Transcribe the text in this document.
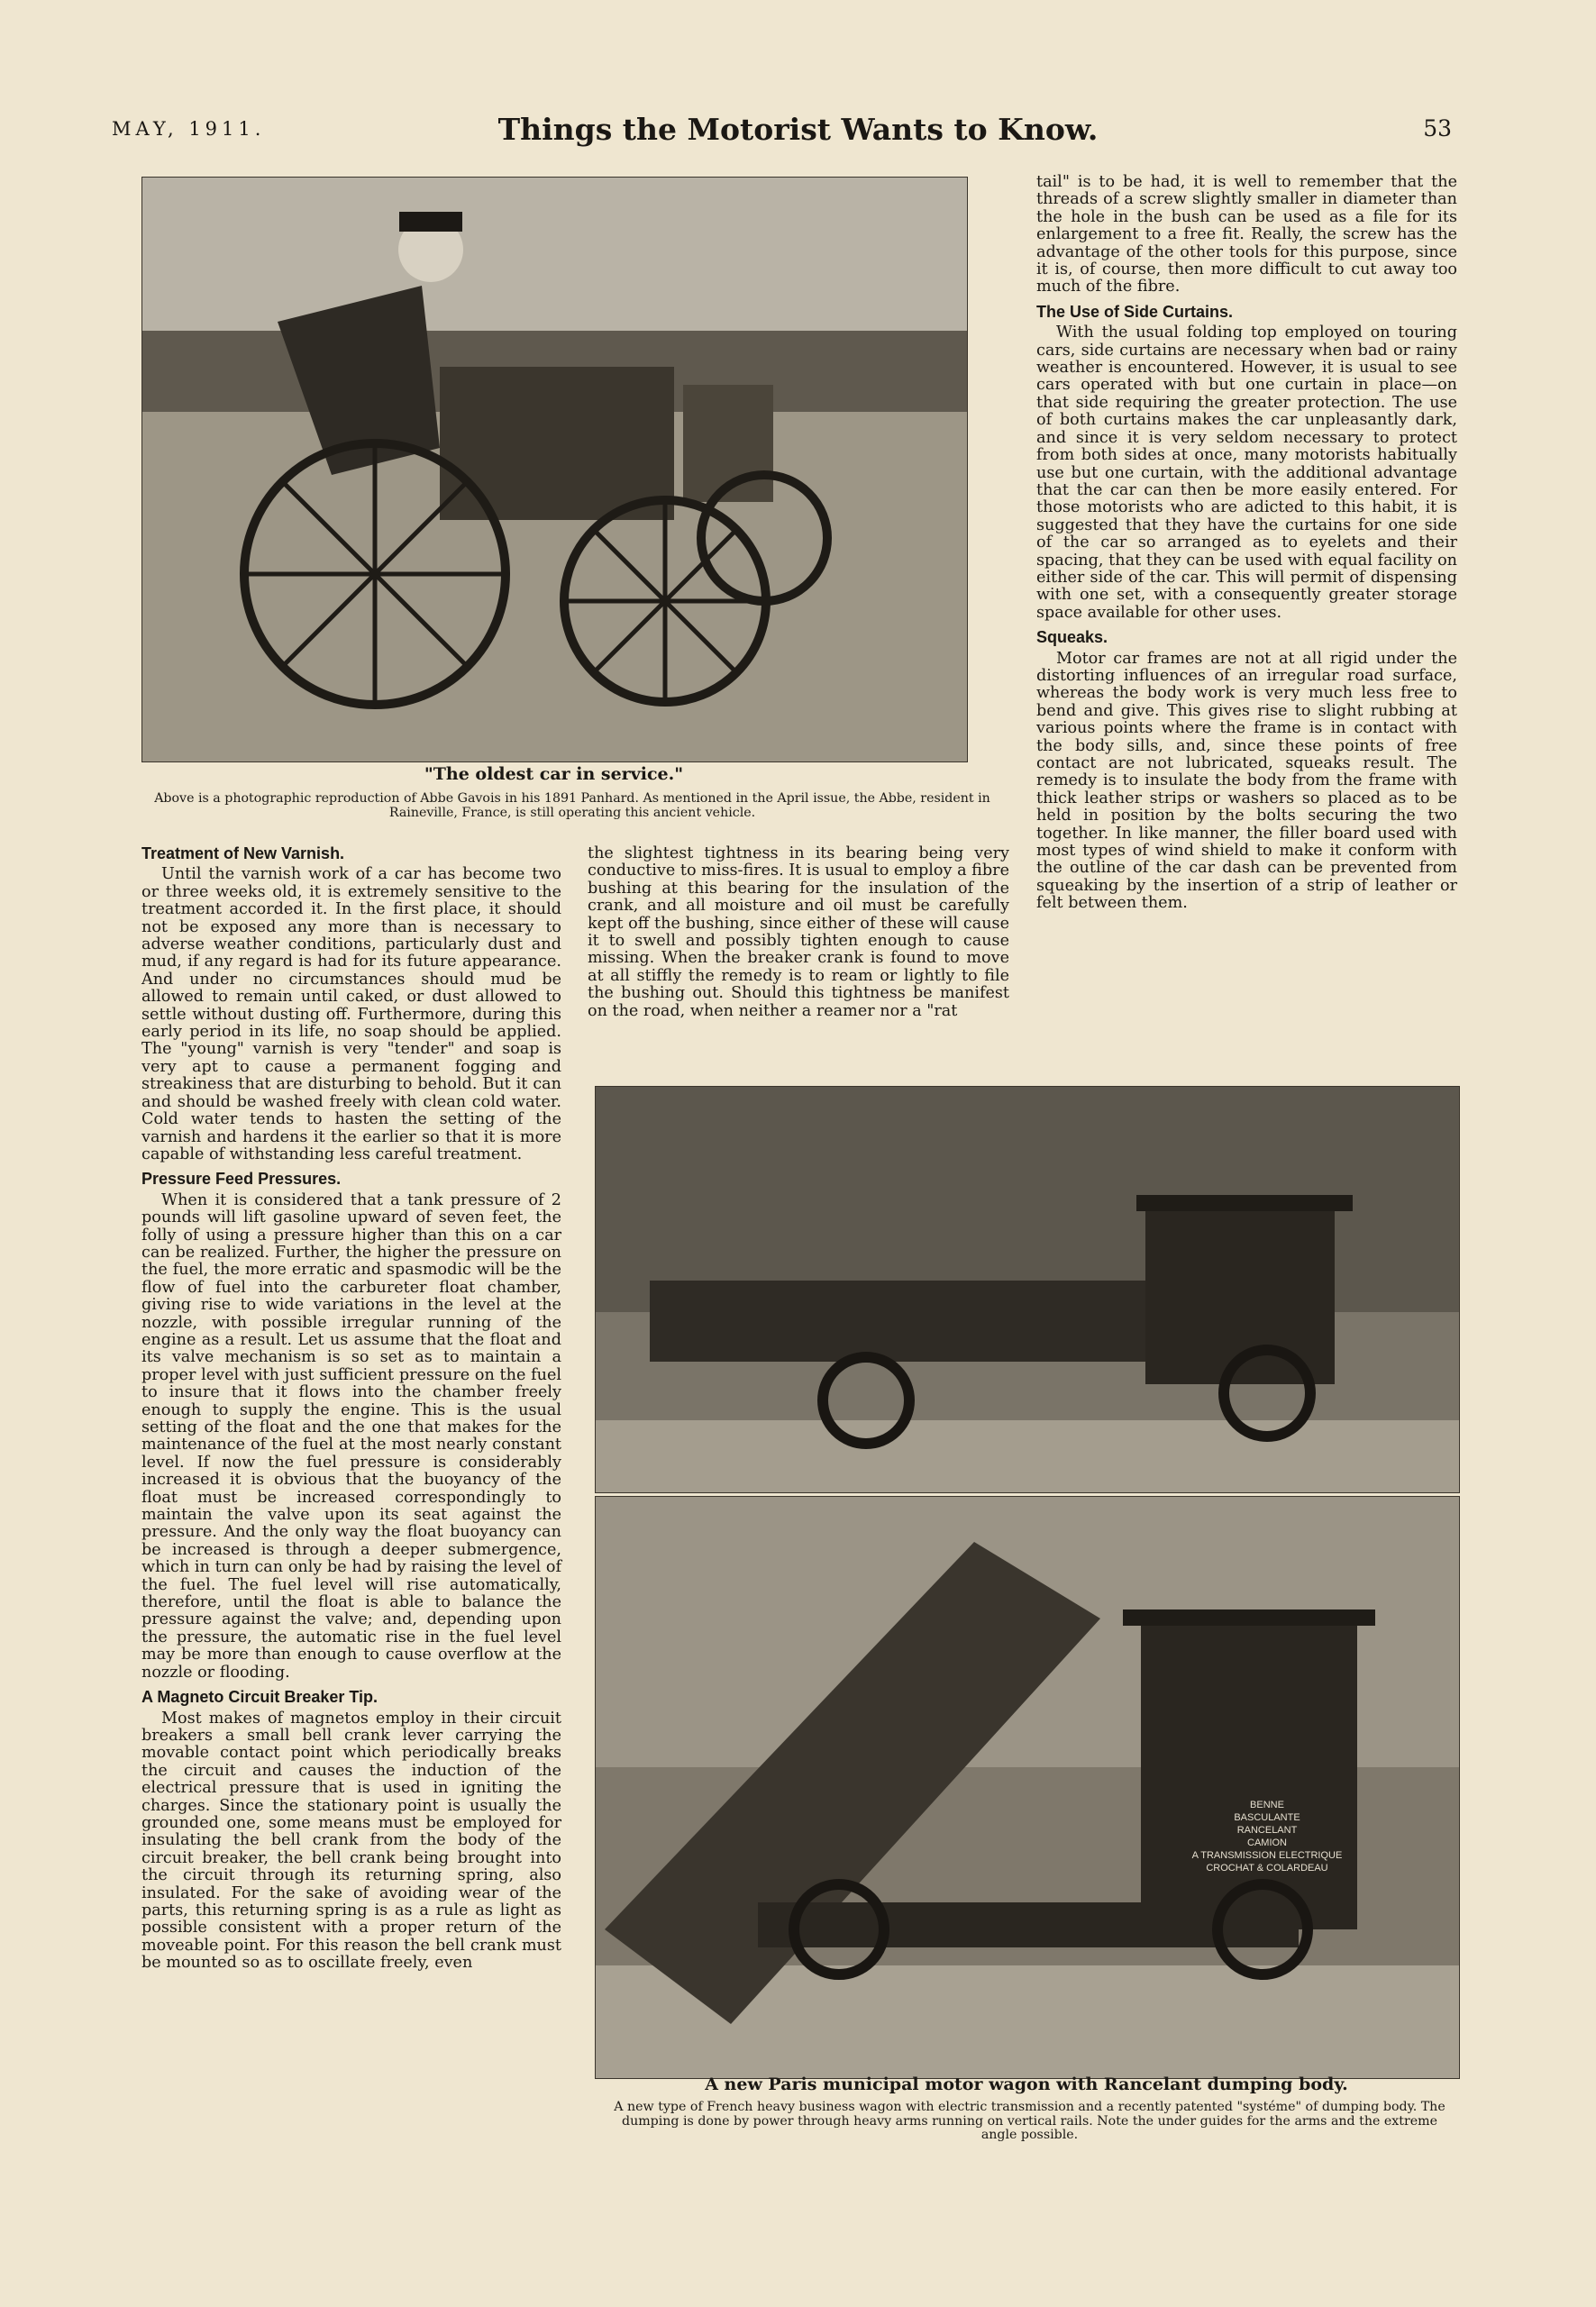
MAY, 1911.	Things the Motorist Wants to Know.	53
"The oldest car in service."
Above is a photographic reproduction of Abbe Gavois in his 1891 Panhard. As mentioned in the April issue, the Abbe, resident in Raineville, France, is still operating this ancient vehicle.
Treatment of New Varnish.

Until the varnish work of a car has become two or three weeks old, it is extremely sensitive to the treatment accorded it. In the first place, it should not be exposed any more than is necessary to adverse weather conditions, particularly dust and mud, if any regard is had for its future appearance. And under no circumstances should mud be allowed to remain until caked, or dust allowed to settle without dusting off. Furthermore, during this early period in its life, no soap should be applied. The "young" varnish is very "tender" and soap is very apt to cause a permanent fogging and streakiness that are disturbing to behold. But it can and should be washed freely with clean cold water. Cold water tends to hasten the setting of the varnish and hardens it the earlier so that it is more capable of withstanding less careful treatment.

Pressure Feed Pressures.

When it is considered that a tank pressure of 2 pounds will lift gasoline upward of seven feet, the folly of using a pressure higher than this on a car can be realized. Further, the higher the pressure on the fuel, the more erratic and spasmodic will be the flow of fuel into the carbureter float chamber, giving rise to wide variations in the level at the nozzle, with possible irregular running of the engine as a result. Let us assume that the float and its valve mechanism is so set as to maintain a proper level with just sufficient pressure on the fuel to insure that it flows into the chamber freely enough to supply the engine. This is the usual setting of the float and the one that makes for the maintenance of the fuel at the most nearly constant level. If now the fuel pressure is considerably increased it is obvious that the buoyancy of the float must be increased correspondingly to maintain the valve upon its seat against the pressure. And the only way the float buoyancy can be increased is through a deeper submergence, which in turn can only be had by raising the level of the fuel. The fuel level will rise automatically, therefore, until the float is able to balance the pressure against the valve; and, depending upon the pressure, the automatic rise in the fuel level may be more than enough to cause overflow at the nozzle or flooding.

A Magneto Circuit Breaker Tip.

Most makes of magnetos employ in their circuit breakers a small bell crank lever carrying the movable contact point which periodically breaks the circuit and causes the induction of the electrical pressure that is used in igniting the charges. Since the stationary point is usually the grounded one, some means must be employed for insulating the bell crank from the body of the circuit breaker, the bell crank being brought into the circuit through its returning spring, also insulated. For the sake of avoiding wear of the parts, this returning spring is as a rule as light as possible consistent with a proper return of the moveable point. For this reason the bell crank must be mounted so as to oscillate freely, even

the slightest tightness in its bearing being very conductive to miss-fires. It is usual to employ a fibre bushing at this bearing for the insulation of the crank, and all moisture and oil must be carefully kept off the bushing, since either of these will cause it to swell and possibly tighten enough to cause missing. When the breaker crank is found to move at all stiffly the remedy is to ream or lightly to file the bushing out. Should this tightness be manifest on the road, when neither a reamer nor a "rat

tail" is to be had, it is well to remember that the threads of a screw slightly smaller in diameter than the hole in the bush can be used as a file for its enlargement to a free fit. Really, the screw has the advantage of the other tools for this purpose, since it is, of course, then more difficult to cut away too much of the fibre.

The Use of Side Curtains.

With the usual folding top employed on touring cars, side curtains are necessary when bad or rainy weather is encountered. However, it is usual to see cars operated with but one curtain in place—on that side requiring the greater protection. The use of both curtains makes the car unpleasantly dark, and since it is very seldom necessary to protect from both sides at once, many motorists habitually use but one curtain, with the additional advantage that the car can then be more easily entered. For those motorists who are adicted to this habit, it is suggested that they have the curtains for one side of the car so arranged as to eyelets and their spacing, that they can be used with equal facility on either side of the car. This will permit of dispensing with one set, with a consequently greater storage space available for other uses.

Squeaks.

Motor car frames are not at all rigid under the distorting influences of an irregular road surface, whereas the body work is very much less free to bend and give. This gives rise to slight rubbing at various points where the frame is in contact with the body sills, and, since these points of free contact are not lubricated, squeaks result. The remedy is to insulate the body from the frame with thick leather strips or washers so placed as to be held in position by the bolts securing the two together. In like manner, the filler board used with most types of wind shield to make it conform with the outline of the car dash can be prevented from squeaking by the insertion of a strip of leather or felt between them.

BENNE
BASCULANTE
RANCELANT
CAMION
A TRANSMISSION ELECTRIQUE
CROCHAT & COLARDEAU
A new Paris municipal motor wagon with Rancelant dumping body.
A new type of French heavy business wagon with electric transmission and a recently patented "systéme" of dumping body. The dumping is done by power through heavy arms running on vertical rails. Note the under guides for the arms and the extreme angle possible.
